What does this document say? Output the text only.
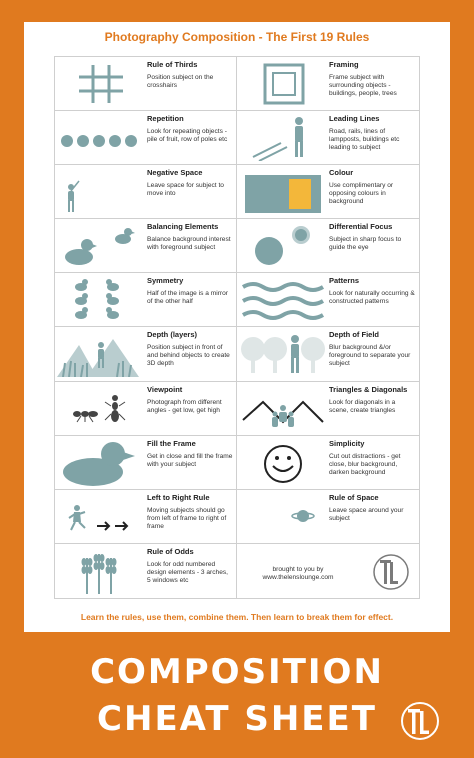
Photography Composition - The First 19 Rules
Rule of Thirds
Position subject on the crosshairs
Framing
Frame subject with surrounding objects - buildings, people, trees
Repetition
Look for repeating objects - pile of fruit, row of poles etc
Leading Lines
Road, rails, lines of lampposts, buildings etc leading to subject
Negative Space
Leave space for subject to move into
Colour
Use complimentary or opposing colours in background
Balancing Elements
Balance background interest with foreground subject
Differential Focus
Subject in sharp focus to guide the eye
Symmetry
Half of the image is a mirror of the other half
Patterns
Look for naturally occurring & constructed patterns
Depth (layers)
Position subject in front of and behind objects to create 3D depth
Depth of Field
Blur background &/or foreground to separate your subject
Viewpoint
Photograph from different angles - get low, get high
Triangles & Diagonals
Look for diagonals in a scene, create triangles
Fill the Frame
Get in close and fill the frame with your subject
Simplicity
Cut out distractions - get close, blur background, darken background
Left to Right Rule
Moving subjects should go from left of frame to right of frame
Rule of Space
Leave space around your subject
Rule of Odds
Look for odd numbered design elements - 3 arches, 5 windows etc
brought to you by
www.thelenslounge.com
Learn the rules, use them, combine them. Then learn to break them for effect.
COMPOSITION
CHEAT SHEET
